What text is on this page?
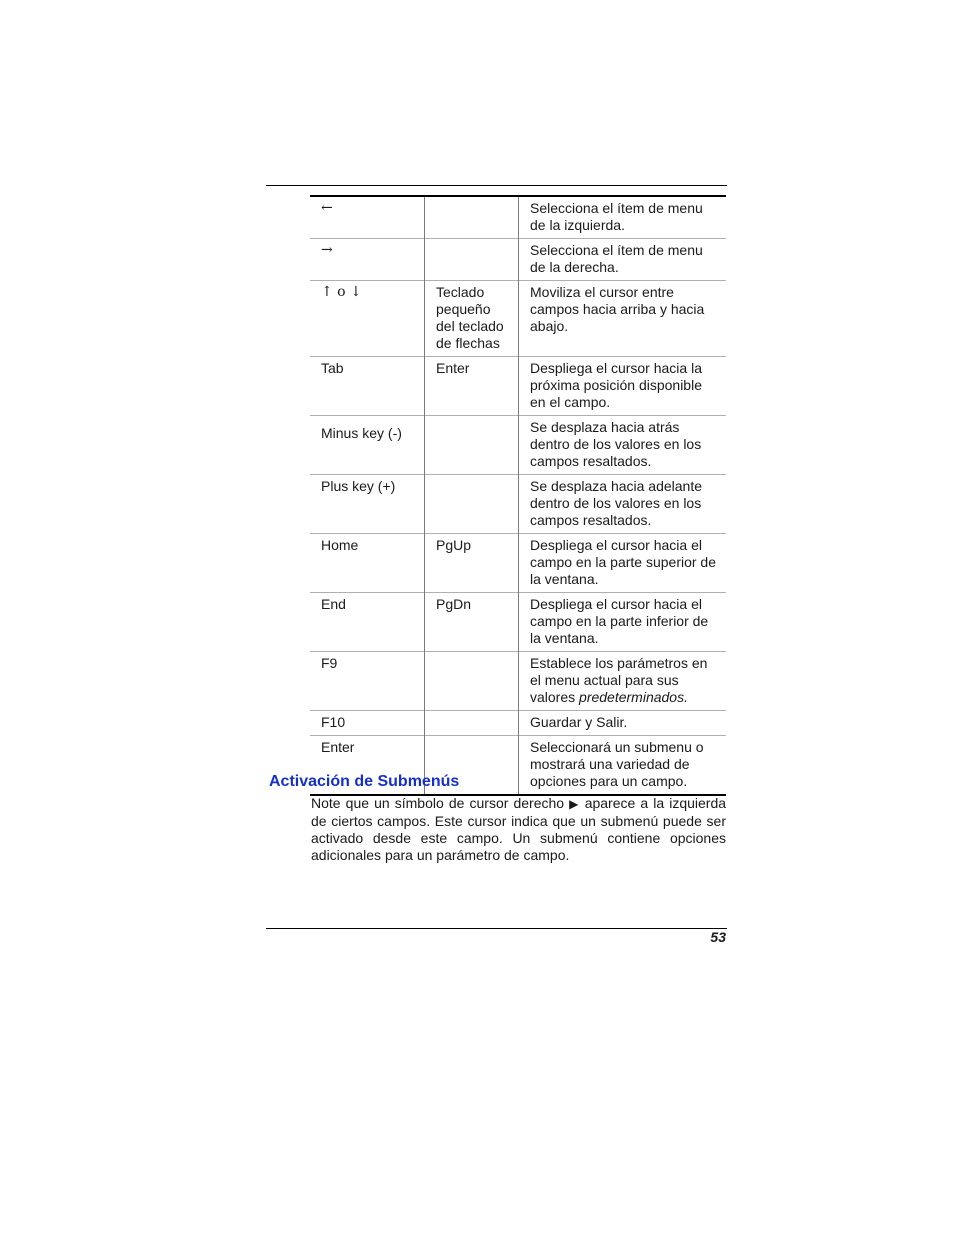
←		Selecciona el ítem de menu de la izquierda.
→		Selecciona el ítem de menu de la derecha.
↑ o ↓	Teclado pequeño del teclado de flechas	Moviliza el cursor entre campos hacia arriba y hacia abajo.
Tab	Enter	Despliega el cursor hacia la próxima posición disponible en el campo.
Minus key (-)		Se desplaza hacia atrás dentro de los valores en los campos resaltados.
Plus key (+)		Se desplaza hacia adelante dentro de los valores en los campos resaltados.
Home	PgUp	Despliega el cursor hacia el campo en la parte superior de la ventana.
End	PgDn	Despliega el cursor hacia el campo en la parte inferior de la ventana.
F9		Establece los parámetros en el menu actual para sus valores predeterminados.
F10		Guardar y Salir.
Enter		Seleccionará un submenu o mostrará una variedad de opciones para un campo.
Activación de Submenús

Note que un símbolo de cursor derecho ▶ aparece a la izquierda de ciertos campos. Este cursor indica que un submenú puede ser activado desde este campo. Un submenú contiene opciones adicionales para un parámetro de campo.

53
